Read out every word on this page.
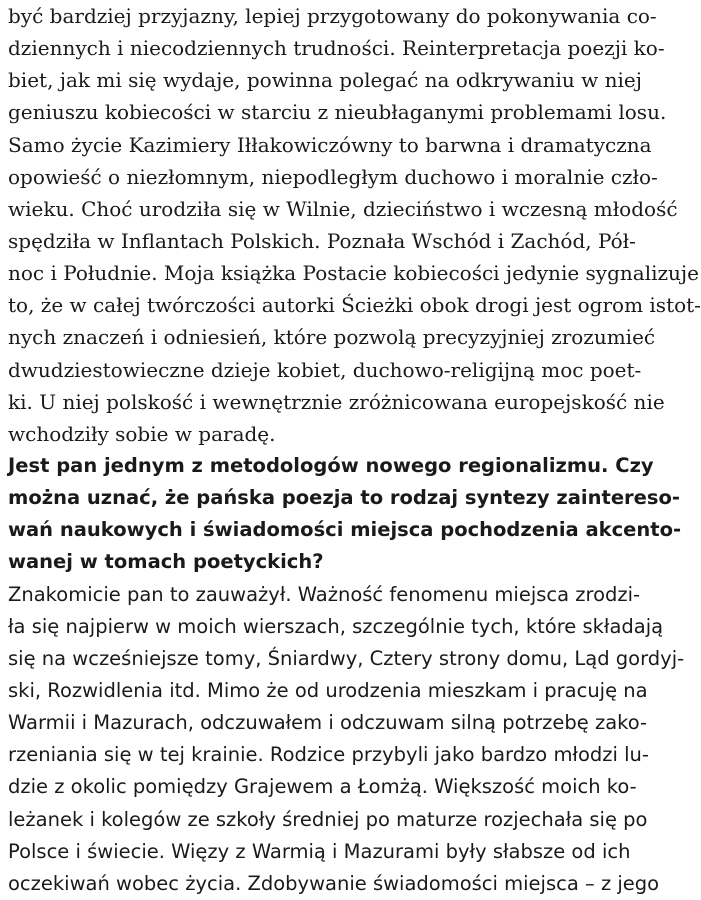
być bardziej przyjazny, lepiej przygotowany do pokonywania co-
dziennych i niecodziennych trudności. Reinterpretacja poezji ko-
biet, jak mi się wydaje, powinna polegać na odkrywaniu w niej
geniuszu kobiecości w starciu z nieubłaganymi problemami losu.
Samo życie Kazimiery Iłłakowiczówny to barwna i dramatyczna
opowieść o niezłomnym, niepodległym duchowo i moralnie czło-
wieku. Choć urodziła się w Wilnie, dzieciństwo i wczesną młodość
spędziła w Inflantach Polskich. Poznała Wschód i Zachód, Pół-
noc i Południe. Moja książka Postacie kobiecości jedynie sygnalizuje
to, że w całej twórczości autorki Ścieżki obok drogi jest ogrom istot-
nych znaczeń i odniesień, które pozwolą precyzyjniej zrozumieć
dwudziestowieczne dzieje kobiet, duchowo-religijną moc poet-
ki. U niej polskość i wewnętrznie zróżnicowana europejskość nie
wchodziły sobie w paradę.
Jest pan jednym z metodologów nowego regionalizmu. Czy
można uznać, że pańska poezja to rodzaj syntezy zaintereso-
wań naukowych i świadomości miejsca pochodzenia akcento-
wanej w tomach poetyckich?
Znakomicie pan to zauważył. Ważność fenomenu miejsca zrodzi-
ła się najpierw w moich wierszach, szczególnie tych, które składają
się na wcześniejsze tomy, Śniardwy, Cztery strony domu, Ląd gordyj-
ski, Rozwidlenia itd. Mimo że od urodzenia mieszkam i pracuję na
Warmii i Mazurach, odczuwałem i odczuwam silną potrzebę zako-
rzeniania się w tej krainie. Rodzice przybyli jako bardzo młodzi lu-
dzie z okolic pomiędzy Grajewem a Łomżą. Większość moich ko-
leżanek i kolegów ze szkoły średniej po maturze rozjechała się po
Polsce i świecie. Więzy z Warmią i Mazurami były słabsze od ich
oczekiwań wobec życia. Zdobywanie świadomości miejsca – z jego
